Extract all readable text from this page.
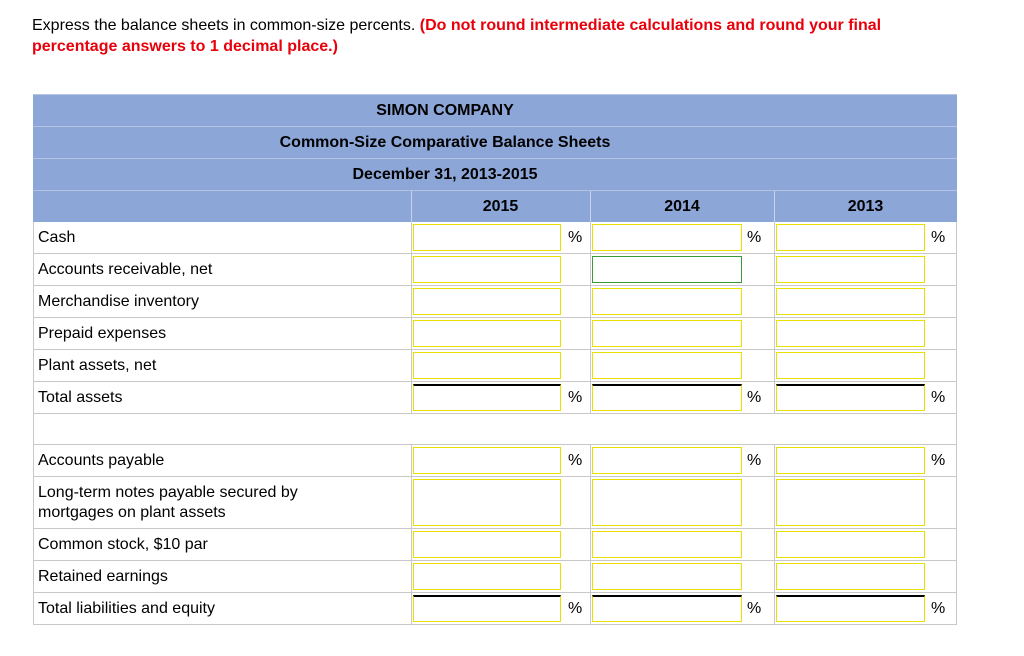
Express the balance sheets in common-size percents. (Do not round intermediate calculations and round your final percentage answers to 1 decimal place.)
SIMON COMPANY
Common-Size Comparative Balance Sheets
December 31, 2013-2015
2015	2014	2013
Cash	%	%	%
Accounts receivable, net
Merchandise inventory
Prepaid expenses
Plant assets, net
Total assets	%	%	%
Accounts payable	%	%	%
Long-term notes payable secured by mortgages on plant assets
Common stock, $10 par
Retained earnings
Total liabilities and equity	%	%	%
